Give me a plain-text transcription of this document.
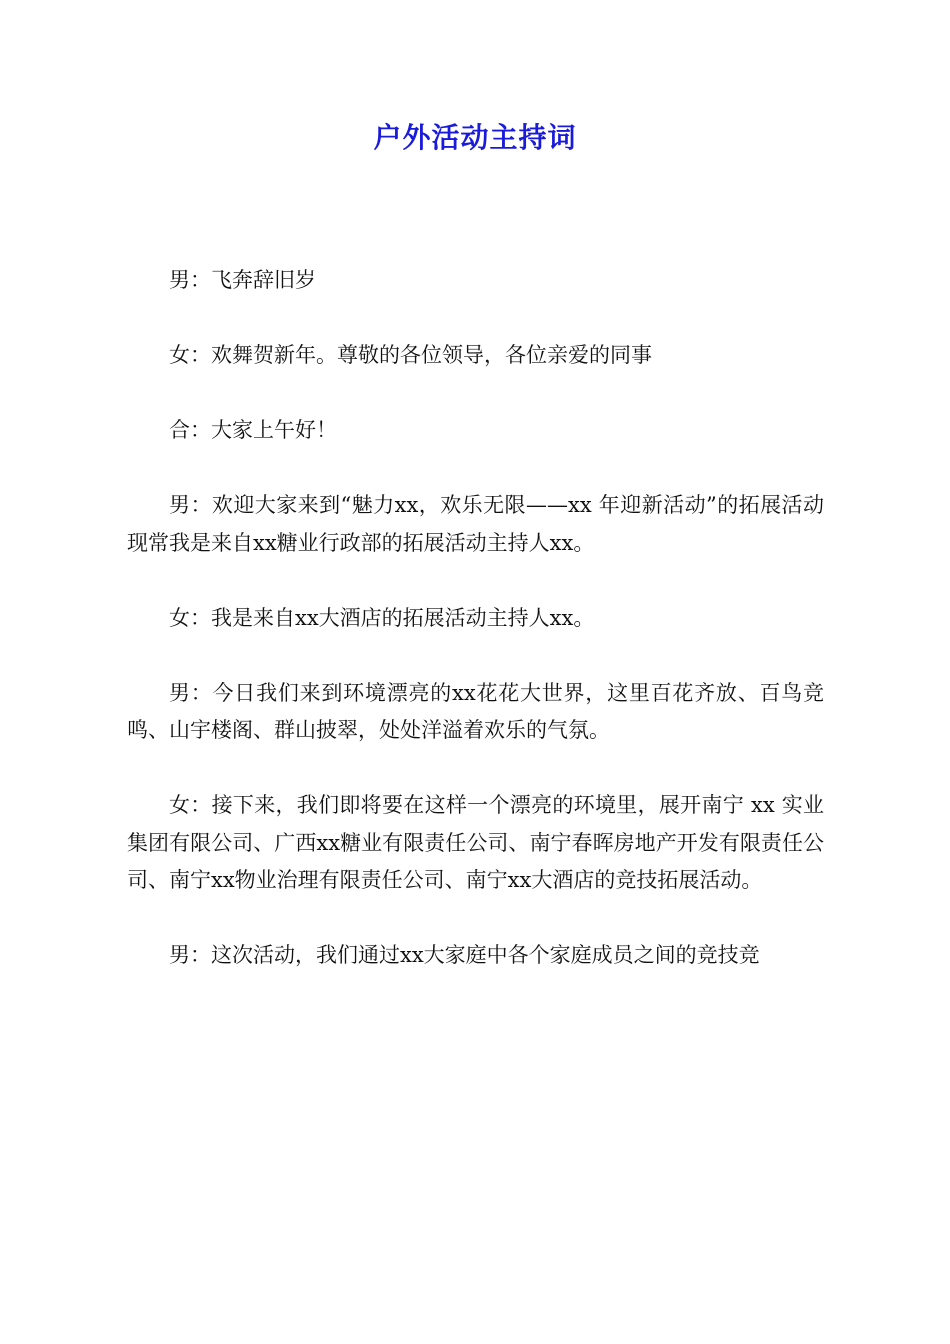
户外活动主持词

男：飞奔辞旧岁

女：欢舞贺新年。尊敬的各位领导，各位亲爱的同事

合：大家上午好！

男：欢迎大家来到“魅力xx，欢乐无限——xx 年迎新活动”的拓展活动现常我是来自xx糖业行政部的拓展活动主持人xx。

女：我是来自xx大酒店的拓展活动主持人xx。

男：今日我们来到环境漂亮的xx花花大世界，这里百花齐放、百鸟竞鸣、山宇楼阁、群山披翠，处处洋溢着欢乐的气氛。

女：接下来，我们即将要在这样一个漂亮的环境里，展开南宁 xx 实业集团有限公司、广西xx糖业有限责任公司、南宁春晖房地产开发有限责任公司、南宁xx物业治理有限责任公司、南宁xx大酒店的竞技拓展活动。

男：这次活动，我们通过xx大家庭中各个家庭成员之间的竞技竞
